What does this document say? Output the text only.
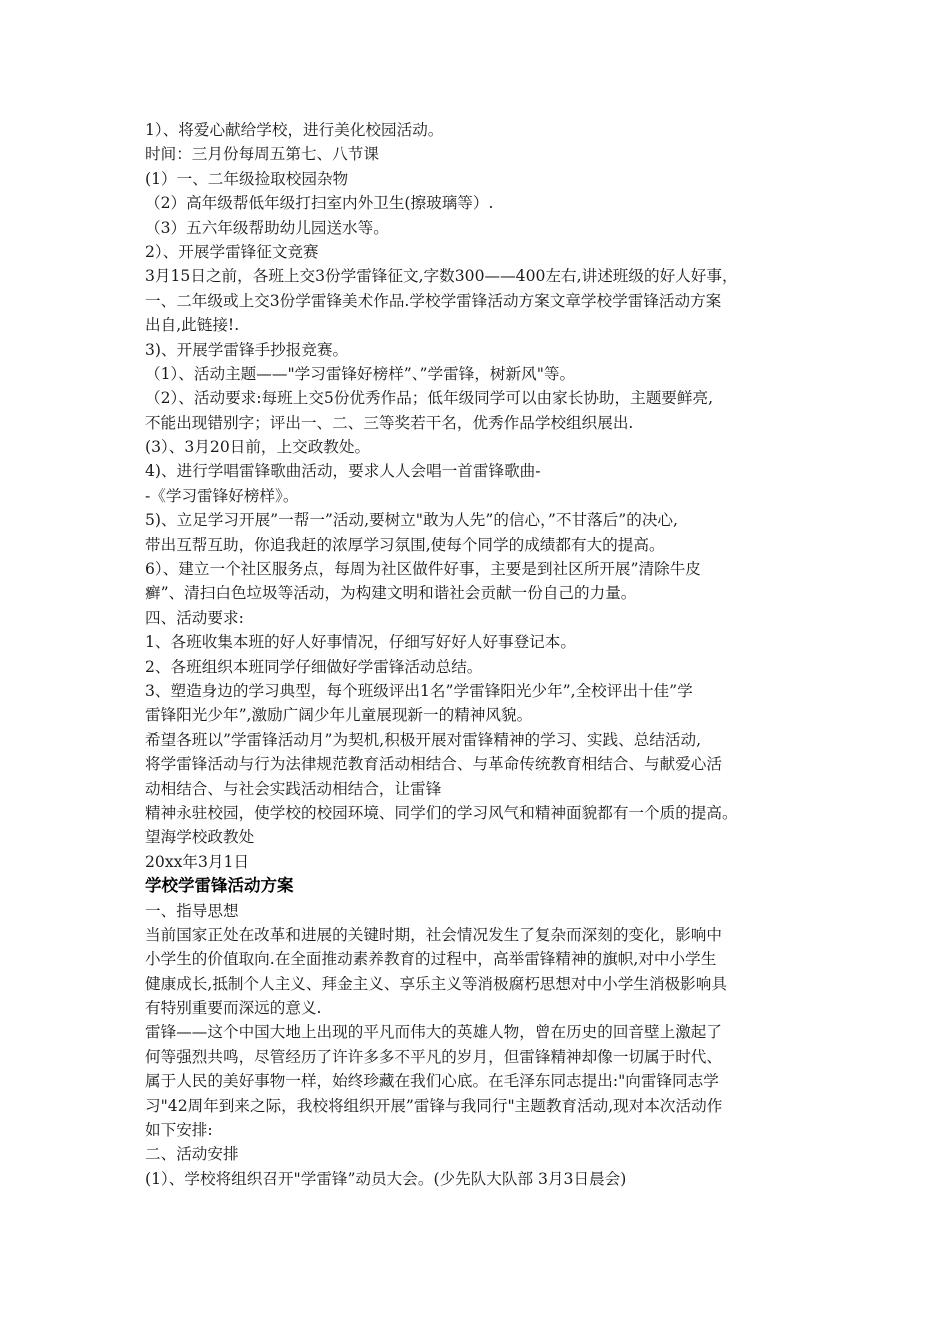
1）、将爱心献给学校，进行美化校园活动。
时间：三月份每周五第七、八节课
(1）一、二年级捡取校园杂物
（2）高年级帮低年级打扫室内外卫生(擦玻璃等）.
（3）五六年级帮助幼儿园送水等。
2）、开展学雷锋征文竞赛
3月15日之前，各班上交3份学雷锋征文,字数300——400左右,讲述班级的好人好事，
一、二年级或上交3份学雷锋美术作品.学校学雷锋活动方案文章学校学雷锋活动方案
出自,此链接!.
3)、开展学雷锋手抄报竞赛。
（1）、活动主题——"学习雷锋好榜样”、”学雷锋，树新风"等。
（2）、活动要求:每班上交5份优秀作品；低年级同学可以由家长协助，主题要鲜亮,
不能出现错别字；评出一、二、三等奖若干名，优秀作品学校组织展出.
(3）、3月20日前，上交政教处。
4)、进行学唱雷锋歌曲活动，要求人人会唱一首雷锋歌曲-
-《学习雷锋好榜样》。
5)、立足学习开展”一帮一”活动,要树立"敢为人先”的信心，”不甘落后”的决心,
带出互帮互助，你追我赶的浓厚学习氛围,使每个同学的成绩都有大的提高。
6）、建立一个社区服务点，每周为社区做件好事，主要是到社区所开展”清除牛皮
癣”、清扫白色垃圾等活动，为构建文明和谐社会贡献一份自己的力量。
四、活动要求:
1、各班收集本班的好人好事情况，仔细写好好人好事登记本。
2、各班组织本班同学仔细做好学雷锋活动总结。
3、塑造身边的学习典型，每个班级评出1名”学雷锋阳光少年”,全校评出十佳”学
雷锋阳光少年”,激励广阔少年儿童展现新一的精神风貌。
希望各班以”学雷锋活动月”为契机,积极开展对雷锋精神的学习、实践、总结活动,
将学雷锋活动与行为法律规范教育活动相结合、与革命传统教育相结合、与献爱心活
动相结合、与社会实践活动相结合，让雷锋
精神永驻校园，使学校的校园环境、同学们的学习风气和精神面貌都有一个质的提高。
望海学校政教处
20xx年3月1日
学校学雷锋活动方案
一、指导思想
当前国家正处在改革和进展的关键时期，社会情况发生了复杂而深刻的变化，影响中
小学生的价值取向.在全面推动素养教育的过程中，高举雷锋精神的旗帜,对中小学生
健康成长,抵制个人主义、拜金主义、享乐主义等消极腐朽思想对中小学生消极影响具
有特别重要而深远的意义.
雷锋——这个中国大地上出现的平凡而伟大的英雄人物，曾在历史的回音壁上激起了
何等强烈共鸣，尽管经历了许许多多不平凡的岁月，但雷锋精神却像一切属于时代、
属于人民的美好事物一样，始终珍藏在我们心底。在毛泽东同志提出:"向雷锋同志学
习"42周年到来之际，我校将组织开展”雷锋与我同行"主题教育活动,现对本次活动作
如下安排:
二、活动安排
(1）、学校将组织召开"学雷锋”动员大会。(少先队大队部 3月3日晨会)
